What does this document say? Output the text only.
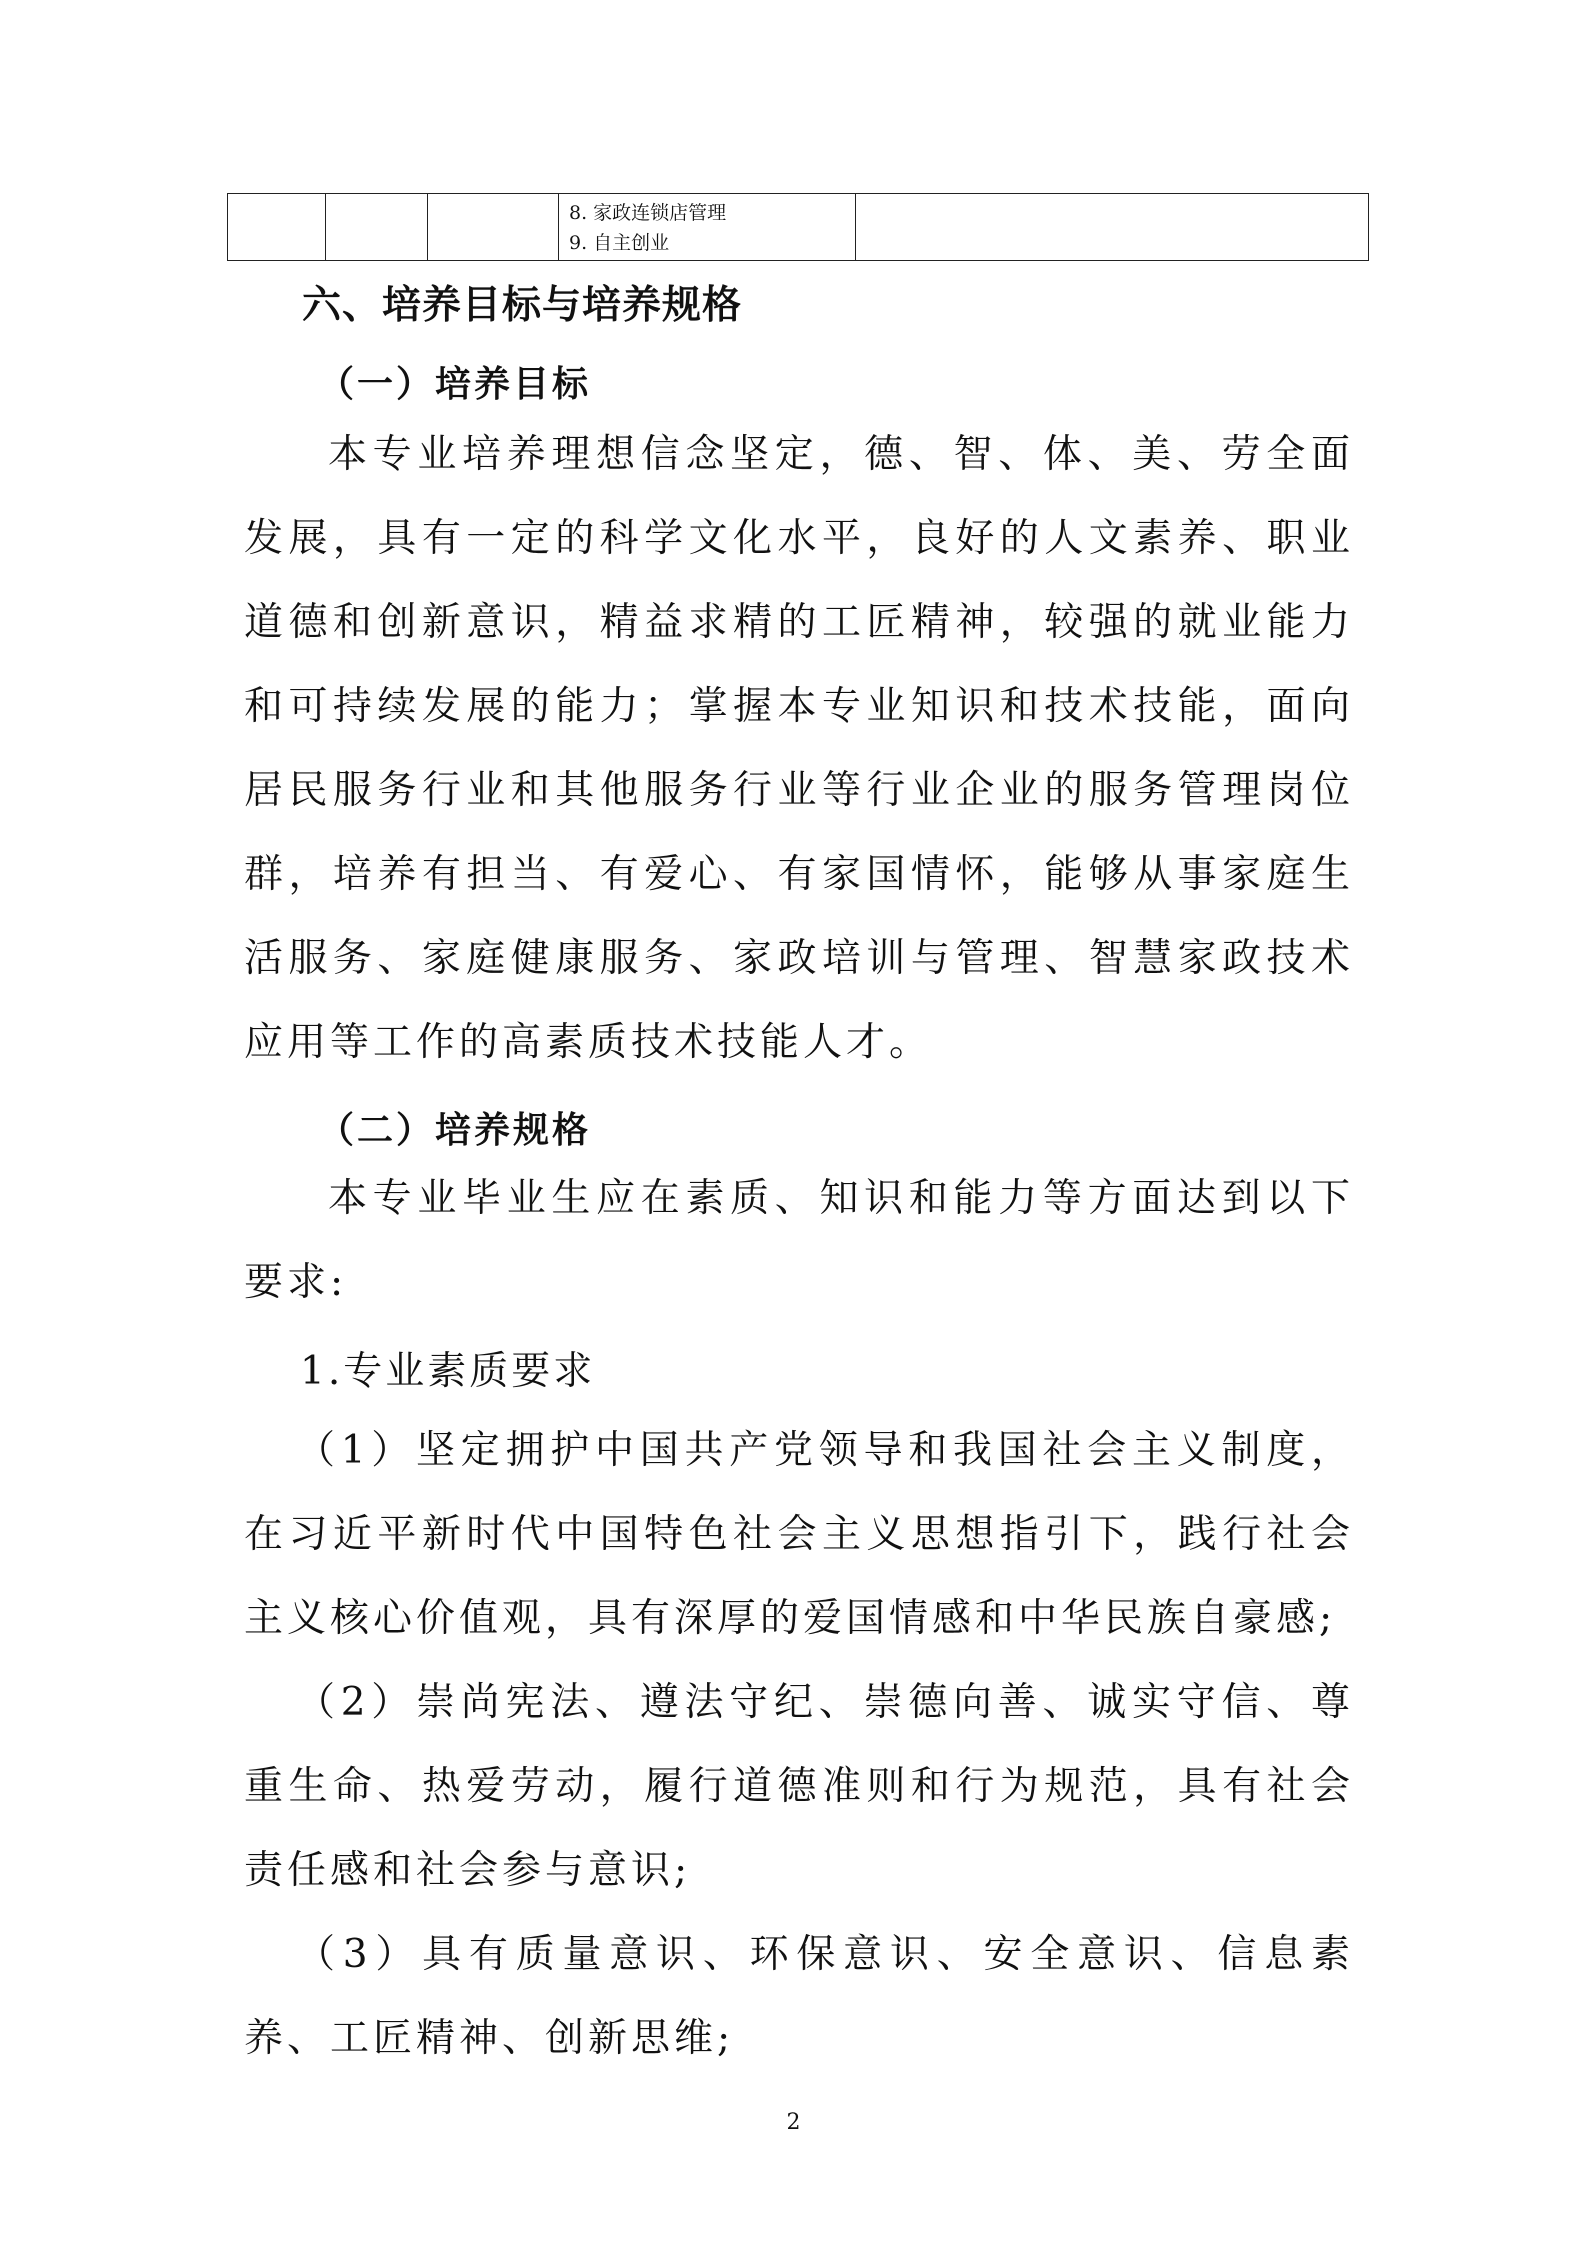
8. 家政连锁店管理
9. 自主创业

六、培养目标与培养规格
（一）培养目标

本专业培养理想信念坚定，德、智、体、美、劳全面发展，具有一定的科学文化水平，良好的人文素养、职业道德和创新意识，精益求精的工匠精神，较强的就业能力和可持续发展的能力；掌握本专业知识和技术技能，面向居民服务行业和其他服务行业等行业企业的服务管理岗位群，培养有担当、有爱心、有家国情怀，能够从事家庭生活服务、家庭健康服务、家政培训与管理、智慧家政技术应用等工作的高素质技术技能人才。

（二）培养规格

本专业毕业生应在素质、知识和能力等方面达到以下要求:

1.专业素质要求

（1）坚定拥护中国共产党领导和我国社会主义制度，在习近平新时代中国特色社会主义思想指引下，践行社会主义核心价值观，具有深厚的爱国情感和中华民族自豪感;

（2）崇尚宪法、遵法守纪、崇德向善、诚实守信、尊重生命、热爱劳动，履行道德准则和行为规范，具有社会责任感和社会参与意识;

（3）具有质量意识、环保意识、安全意识、信息素养、工匠精神、创新思维;

2
